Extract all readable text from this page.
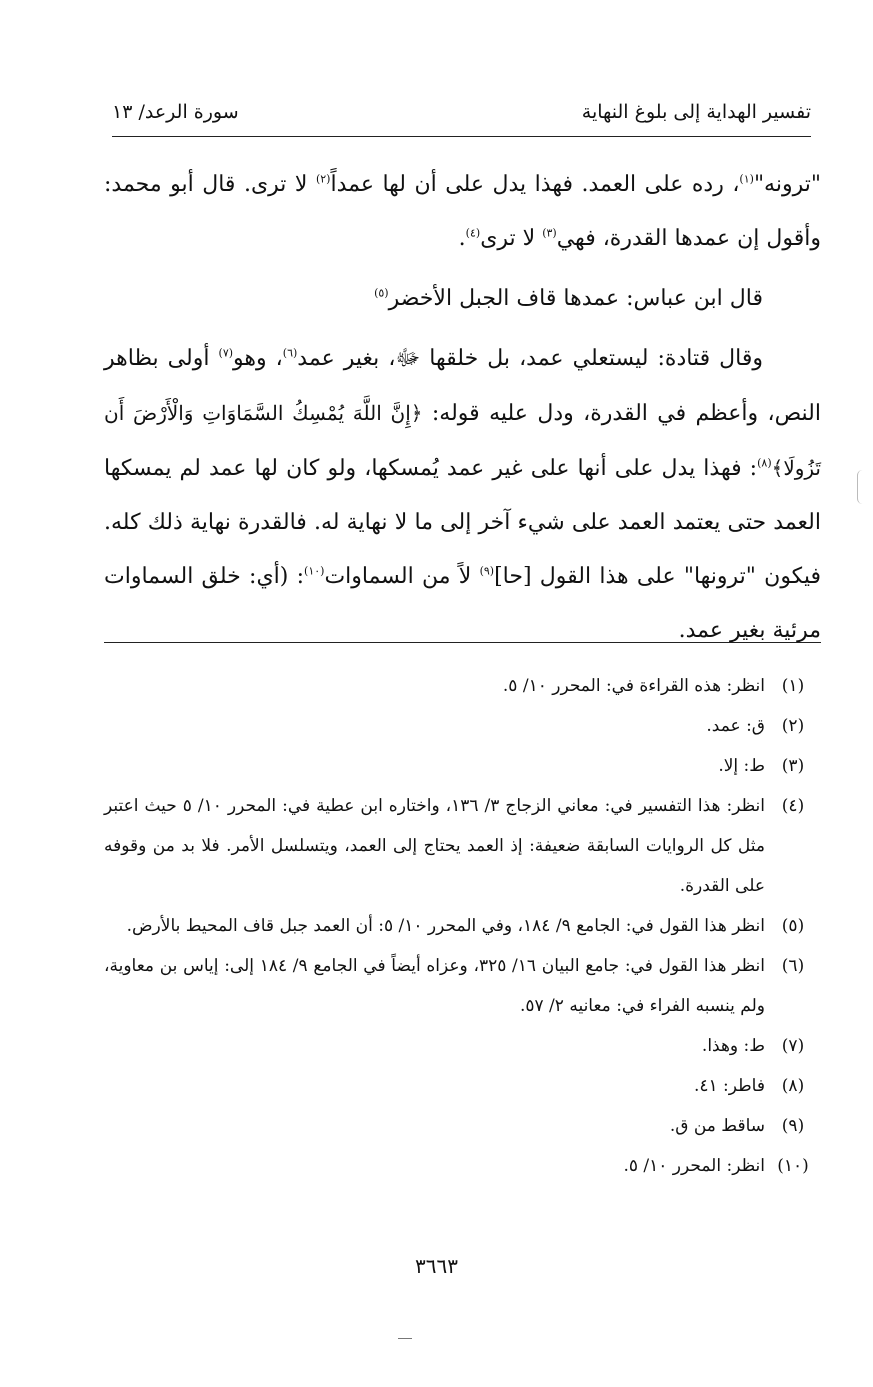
تفسير الهداية إلى بلوغ النهاية
سورة الرعد/ ١٣

"ترونه"$^{(١)}$، رده على العمد. فهذا يدل على أن لها عمداً$^{(٢)}$ لا ترى. قال أبو محمد: وأقول إن عمدها القدرة، فهي$^{(٣)}$ لا ترى$^{(٤)}$.

قال ابن عباس: عمدها قاف الجبل الأخضر$^{(٥)}$

وقال قتادة: ليستعلي عمد، بل خلقها ﷻ، بغير عمد$^{(٦)}$، وهو$^{(٧)}$ أولى بظاهر النص، وأعظم في القدرة، ودل عليه قوله: ﴿إِنَّ اللَّهَ يُمْسِكُ السَّمَاوَاتِ وَالْأَرْضَ أَن تَزُولَا﴾$^{(٨)}$: فهذا يدل على أنها على غير عمد يُمسكها، ولو كان لها عمد لم يمسكها العمد حتى يعتمد العمد على شيء آخر إلى ما لا نهاية له. فالقدرة نهاية ذلك كله. فيكون "ترونها" على هذا القول [حا]$^{(٩)}$ لاً من السماوات$^{(١٠)}$: (أي: خلق السماوات مرئية بغير عمد.

(١)
انظر: هذه القراءة في: المحرر ١٠/ ٥.
(٢)
ق: عمد.
(٣)
ط: إلا.
(٤)
انظر: هذا التفسير في: معاني الزجاج ٣/ ١٣٦، واختاره ابن عطية في: المحرر ١٠/ ٥ حيث اعتبر مثل كل الروايات السابقة ضعيفة: إذ العمد يحتاج إلى العمد، ويتسلسل الأمر. فلا بد من وقوفه على القدرة.
(٥)
انظر هذا القول في: الجامع ٩/ ١٨٤، وفي المحرر ١٠/ ٥: أن العمد جبل قاف المحيط بالأرض.
(٦)
انظر هذا القول في: جامع البيان ١٦/ ٣٢٥، وعزاه أيضاً في الجامع ٩/ ١٨٤ إلى: إياس بن معاوية، ولم ينسبه الفراء في: معانيه ٢/ ٥٧.
(٧)
ط: وهذا.
(٨)
فاطر: ٤١.
(٩)
ساقط من ق.
(١٠)
انظر: المحرر ١٠/ ٥.
٣٦٦٣
